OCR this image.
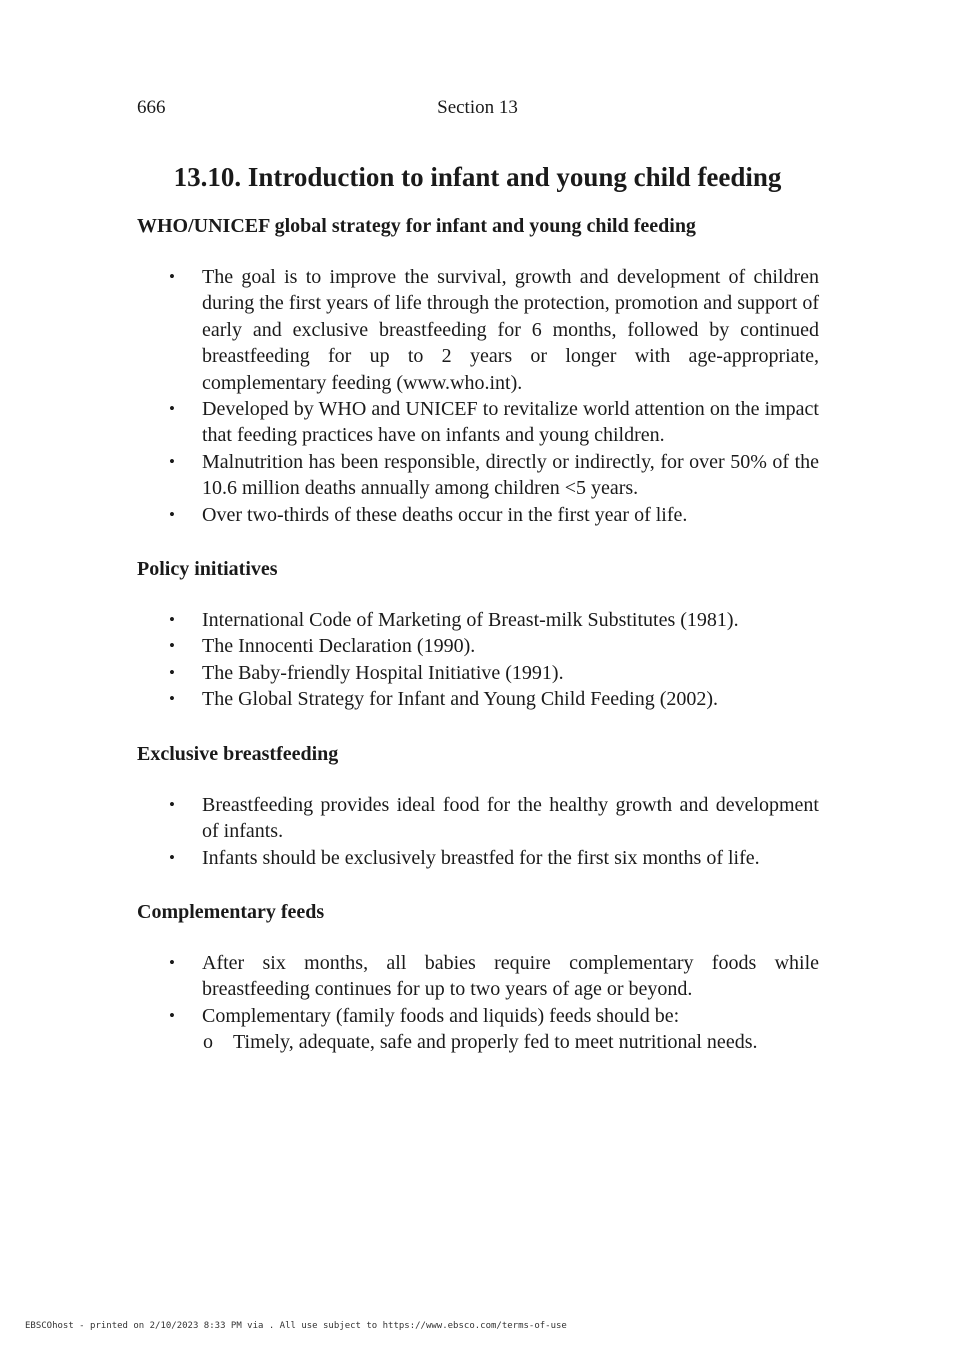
666	Section 13
13.10. Introduction to infant and young child feeding
WHO/UNICEF global strategy for infant and young child feeding
• The goal is to improve the survival, growth and development of children during the first years of life through the protection, promotion and support of early and exclusive breastfeeding for 6 months, followed by continued breastfeeding for up to 2 years or longer with age-appropriate, complementary feeding (www.who.int).
• Developed by WHO and UNICEF to revitalize world attention on the impact that feeding practices have on infants and young children.
• Malnutrition has been responsible, directly or indirectly, for over 50% of the 10.6 million deaths annually among children <5 years.
• Over two-thirds of these deaths occur in the first year of life.
Policy initiatives
• International Code of Marketing of Breast-milk Substitutes (1981).
• The Innocenti Declaration (1990).
• The Baby-friendly Hospital Initiative (1991).
• The Global Strategy for Infant and Young Child Feeding (2002).
Exclusive breastfeeding
• Breastfeeding provides ideal food for the healthy growth and development of infants.
• Infants should be exclusively breastfed for the first six months of life.
Complementary feeds
• After six months, all babies require complementary foods while breastfeeding continues for up to two years of age or beyond.
• Complementary (family foods and liquids) feeds should be:
o Timely, adequate, safe and properly fed to meet nutritional needs.
EBSCOhost - printed on 2/10/2023 8:33 PM via . All use subject to https://www.ebsco.com/terms-of-use
